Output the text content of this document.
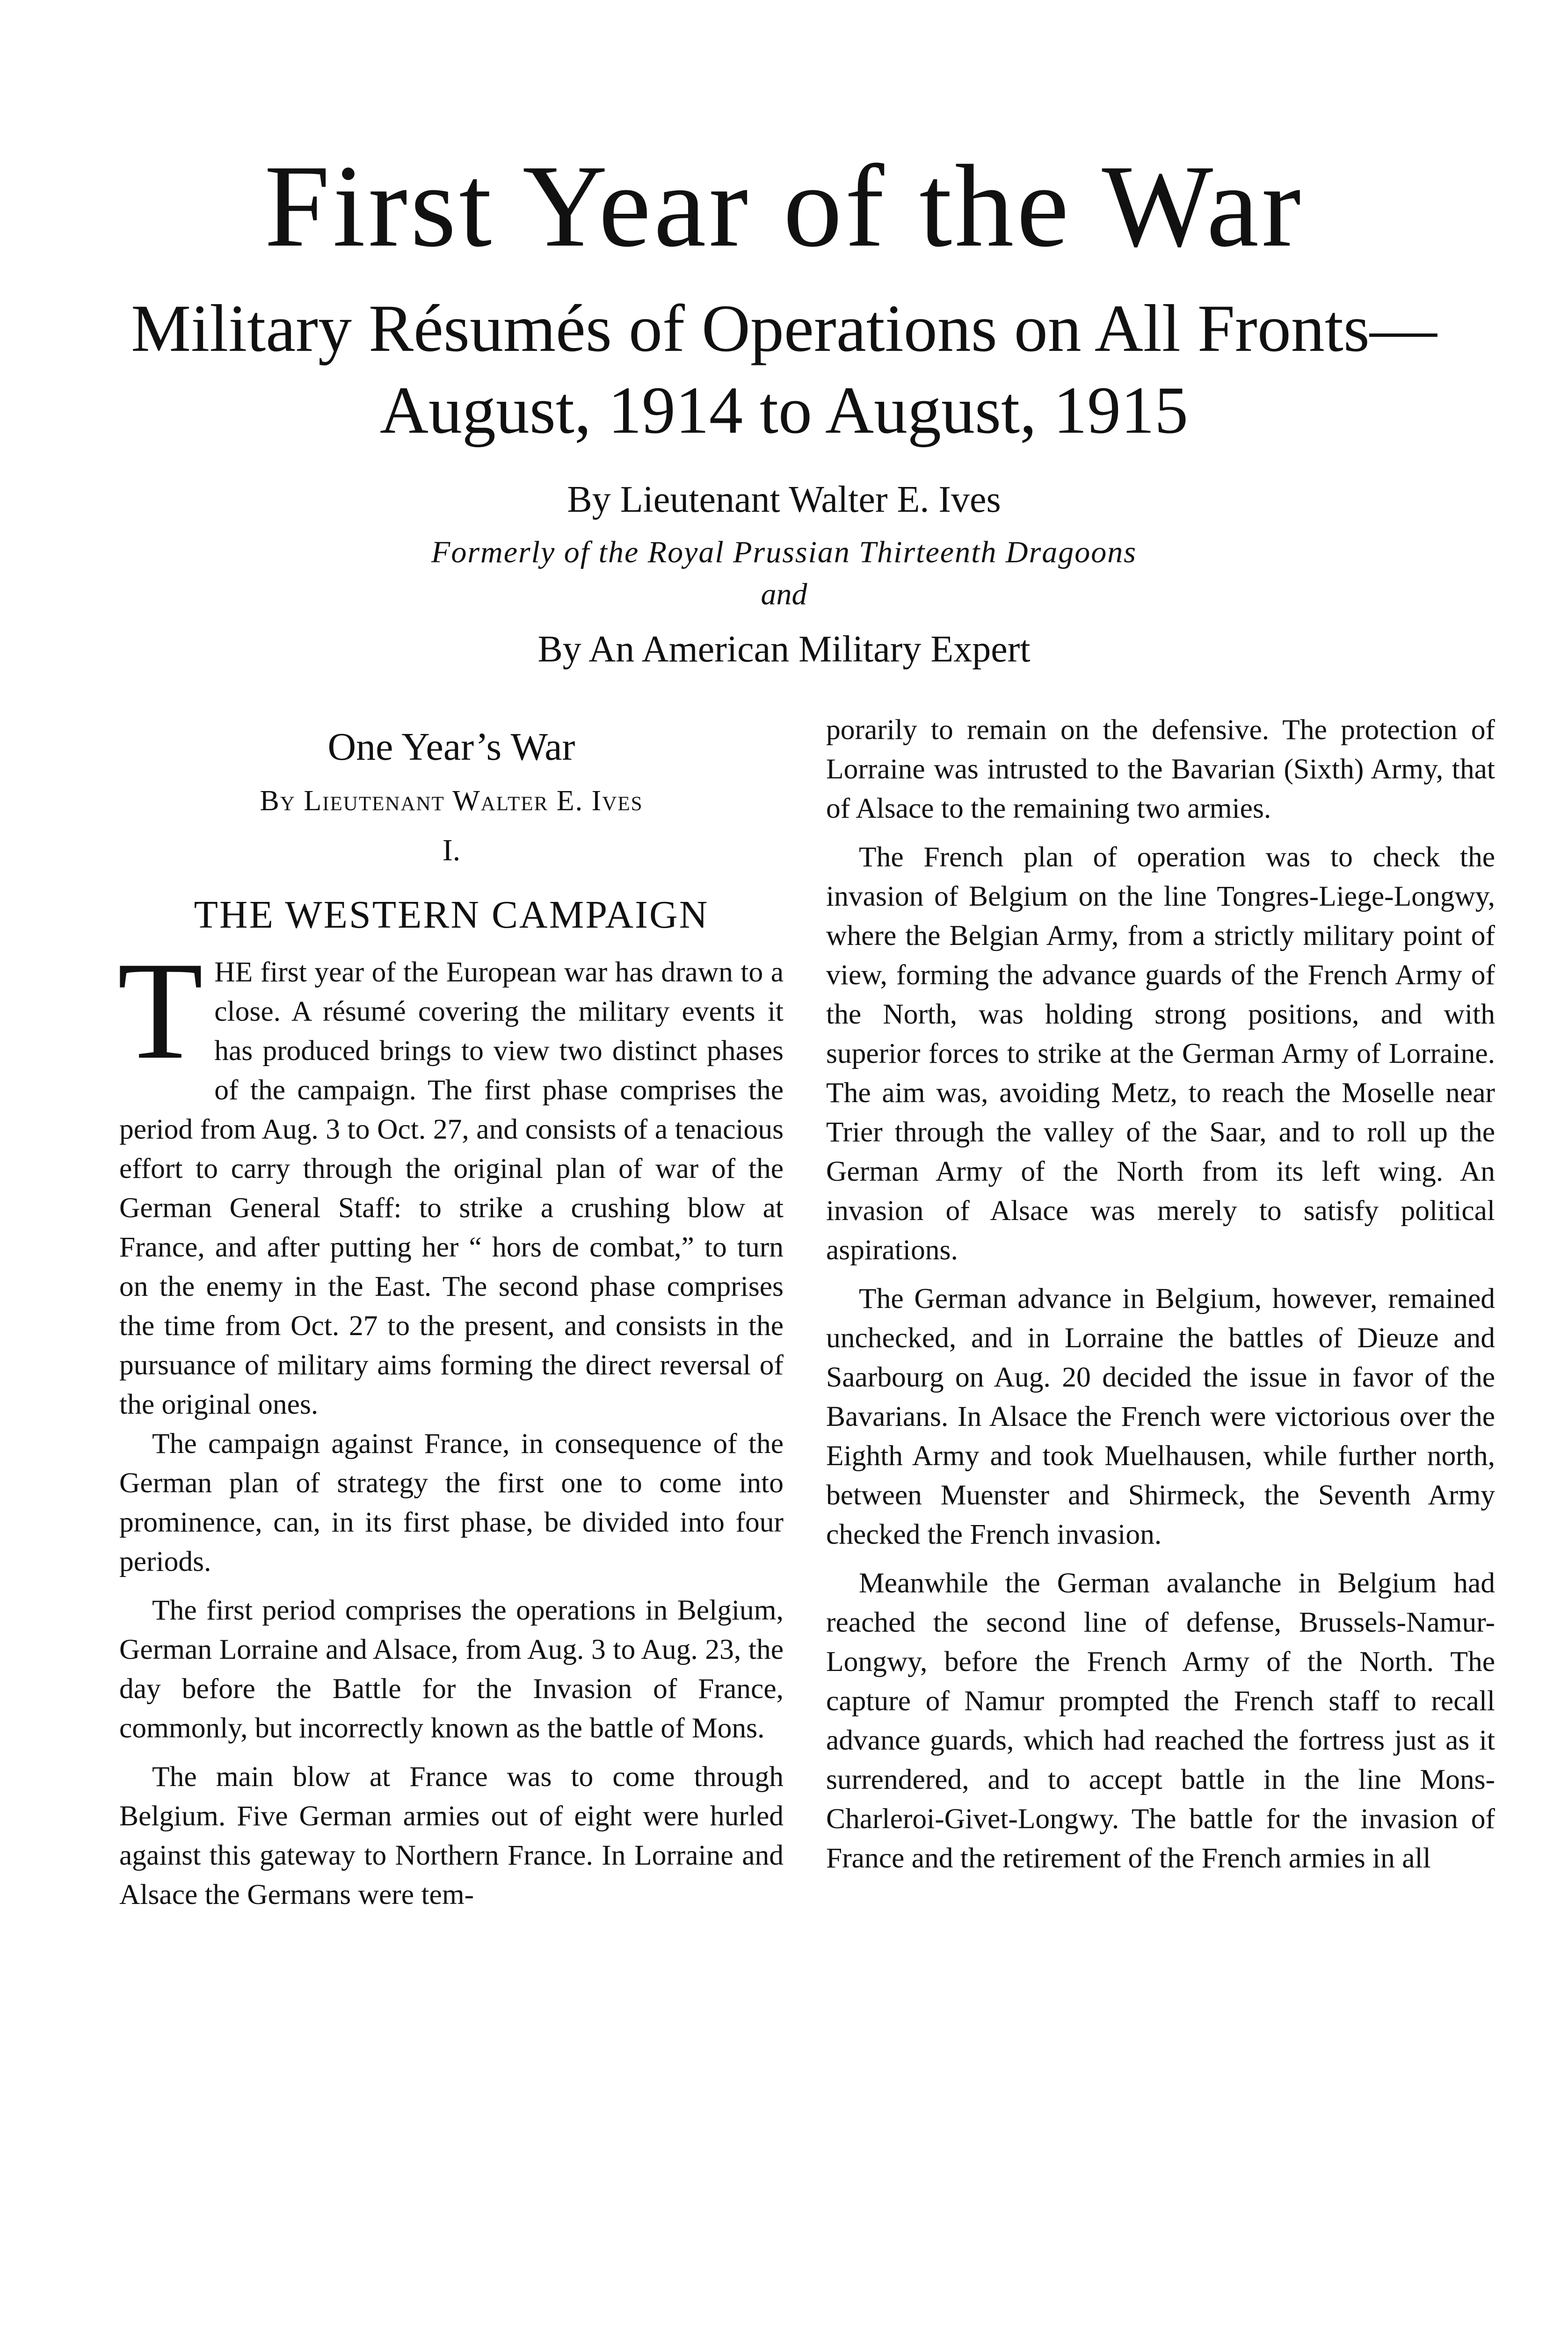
First Year of the War
Military Résumés of Operations on All Fronts—
August, 1914 to August, 1915
By Lieutenant Walter E. Ives
Formerly of the Royal Prussian Thirteenth Dragoons
and
By An American Military Expert
One Year’s War
By Lieutenant Walter E. Ives
I.
THE WESTERN CAMPAIGN
T HE first year of the European war has drawn to a close. A résumé covering the military events it has produced brings to view two distinct phases of the campaign. The first phase comprises the period from Aug. 3 to Oct. 27, and consists of a tenacious effort to carry through the original plan of war of the German General Staff: to strike a crushing blow at France, and after putting her “ hors de combat,” to turn on the enemy in the East. The second phase comprises the time from Oct. 27 to the present, and consists in the pursuance of military aims forming the direct reversal of the original ones.

The campaign against France, in consequence of the German plan of strategy the first one to come into prominence, can, in its first phase, be divided into four periods.

The first period comprises the operations in Belgium, German Lorraine and Alsace, from Aug. 3 to Aug. 23, the day before the Battle for the Invasion of France, commonly, but incorrectly known as the battle of Mons.

The main blow at France was to come through Belgium. Five German armies out of eight were hurled against this gateway to Northern France. In Lorraine and Alsace the Germans were tem-

porarily to remain on the defensive. The protection of Lorraine was intrusted to the Bavarian (Sixth) Army, that of Alsace to the remaining two armies.

The French plan of operation was to check the invasion of Belgium on the line Tongres-Liege-Longwy, where the Belgian Army, from a strictly military point of view, forming the advance guards of the French Army of the North, was holding strong positions, and with superior forces to strike at the German Army of Lorraine. The aim was, avoiding Metz, to reach the Moselle near Trier through the valley of the Saar, and to roll up the German Army of the North from its left wing. An invasion of Alsace was merely to satisfy political aspirations.

The German advance in Belgium, however, remained unchecked, and in Lorraine the battles of Dieuze and Saarbourg on Aug. 20 decided the issue in favor of the Bavarians. In Alsace the French were victorious over the Eighth Army and took Muelhausen, while further north, between Muenster and Shirmeck, the Seventh Army checked the French invasion.

Meanwhile the German avalanche in Belgium had reached the second line of defense, Brussels-Namur-Longwy, before the French Army of the North. The capture of Namur prompted the French staff to recall advance guards, which had reached the fortress just as it surrendered, and to accept battle in the line Mons-Charleroi-Givet-Longwy. The battle for the invasion of France and the retirement of the French armies in all
